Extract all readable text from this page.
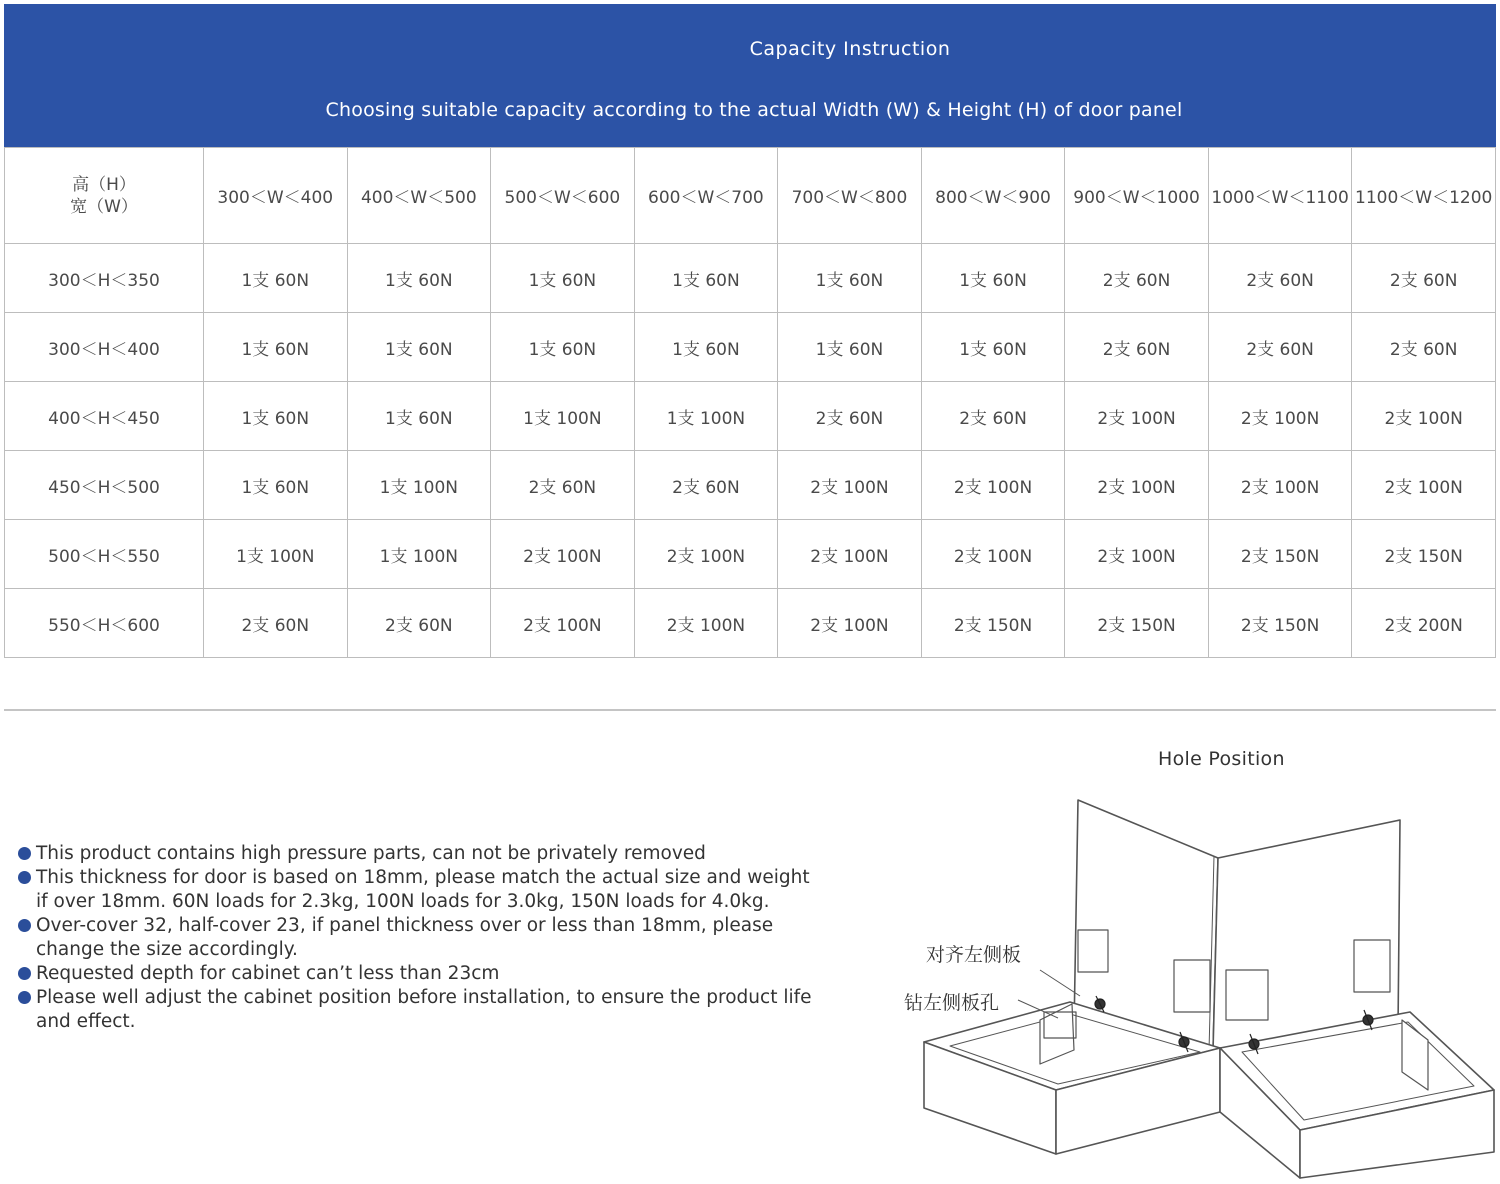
Capacity Instruction
Choosing suitable capacity according to the actual Width (W) & Height (H) of door panel
高（H）
宽（W）	300＜W＜400	400＜W＜500	500＜W＜600	600＜W＜700	700＜W＜800	800＜W＜900	900＜W＜1000	1000＜W＜1100	1100＜W＜1200
300＜H＜350	1支 60N	1支 60N	1支 60N	1支 60N	1支 60N	1支 60N	2支 60N	2支 60N	2支 60N
300＜H＜400	1支 60N	1支 60N	1支 60N	1支 60N	1支 60N	1支 60N	2支 60N	2支 60N	2支 60N
400＜H＜450	1支 60N	1支 60N	1支 100N	1支 100N	2支 60N	2支 60N	2支 100N	2支 100N	2支 100N
450＜H＜500	1支 60N	1支 100N	2支 60N	2支 60N	2支 100N	2支 100N	2支 100N	2支 100N	2支 100N
500＜H＜550	1支 100N	1支 100N	2支 100N	2支 100N	2支 100N	2支 100N	2支 100N	2支 150N	2支 150N
550＜H＜600	2支 60N	2支 60N	2支 100N	2支 100N	2支 100N	2支 150N	2支 150N	2支 150N	2支 200N
This product contains high pressure parts, can not be privately removed
This thickness for door is based on 18mm, please match the actual size and weight if over 18mm. 60N loads for 2.3kg, 100N loads for 3.0kg, 150N loads for 4.0kg.
Over-cover 32, half-cover 23, if panel thickness over or less than 18mm, please change the size accordingly.
Requested depth for cabinet can’t less than 23cm
Please well adjust the cabinet position before installation, to ensure the product life and effect.
Hole Position
对齐左侧板
钻左侧板孔
